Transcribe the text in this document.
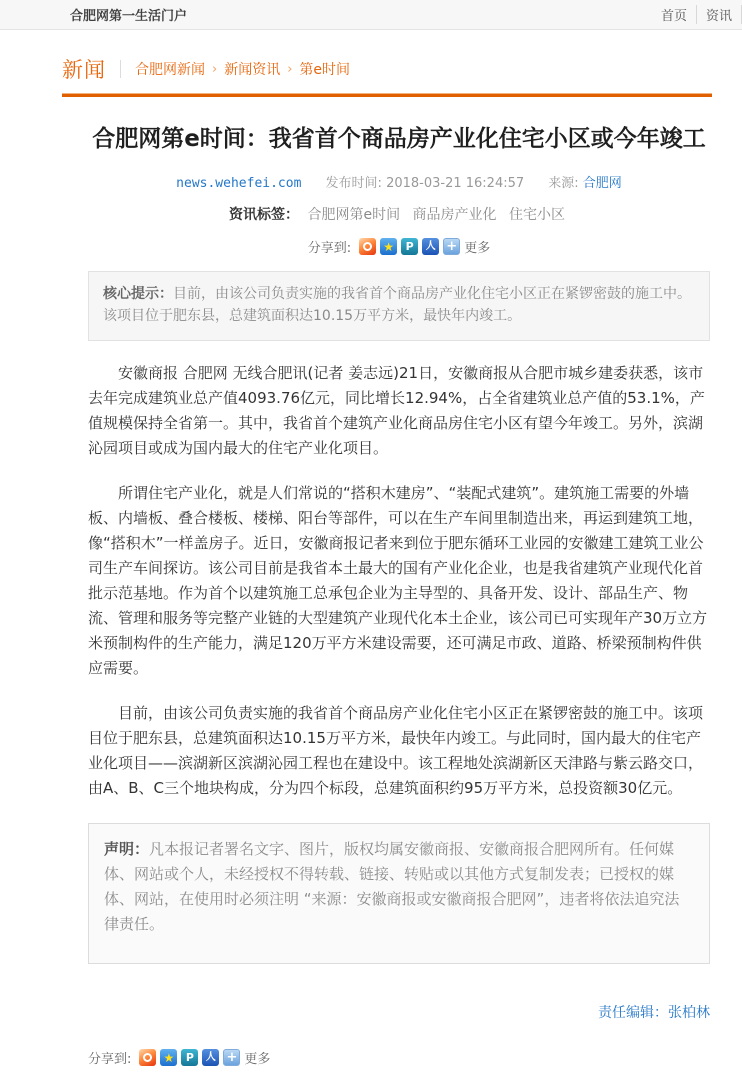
合肥网第一生活门户	首页	资讯
新闻 合肥网新闻 › 新闻资讯 › 第e时间
合肥网第e时间：我省首个商品房产业化住宅小区或今年竣工
news.wehefei.com 发布时间: 2018-03-21 16:24:57 来源: 合肥网
资讯标签： 合肥网第e时间 商品房产业化 住宅小区
分享到:	★	P	人 + 更多
核心提示：目前，由该公司负责实施的我省首个商品房产业化住宅小区正在紧锣密鼓的施工中。该项目位于肥东县，总建筑面积达10.15万平方米，最快年内竣工。

安徽商报 合肥网 无线合肥讯(记者 姜志远)21日，安徽商报从合肥市城乡建委获悉，该市去年完成建筑业总产值4093.76亿元，同比增长12.94%，占全省建筑业总产值的53.1%，产值规模保持全省第一。其中，我省首个建筑产业化商品房住宅小区有望今年竣工。另外，滨湖沁园项目或成为国内最大的住宅产业化项目。

所谓住宅产业化，就是人们常说的“搭积木建房”、“装配式建筑”。建筑施工需要的外墙板、内墙板、叠合楼板、楼梯、阳台等部件，可以在生产车间里制造出来，再运到建筑工地，像“搭积木”一样盖房子。近日，安徽商报记者来到位于肥东循环工业园的安徽建工建筑工业公司生产车间探访。该公司目前是我省本土最大的国有产业化企业，也是我省建筑产业现代化首批示范基地。作为首个以建筑施工总承包企业为主导型的、具备开发、设计、部品生产、物流、管理和服务等完整产业链的大型建筑产业现代化本土企业，该公司已可实现年产30万立方米预制构件的生产能力，满足120万平方米建设需要，还可满足市政、道路、桥梁预制构件供应需要。

目前，由该公司负责实施的我省首个商品房产业化住宅小区正在紧锣密鼓的施工中。该项目位于肥东县，总建筑面积达10.15万平方米，最快年内竣工。与此同时，国内最大的住宅产业化项目——滨湖新区滨湖沁园工程也在建设中。该工程地处滨湖新区天津路与紫云路交口，由A、B、C三个地块构成，分为四个标段，总建筑面积约95万平方米，总投资额30亿元。

声明：凡本报记者署名文字、图片，版权均属安徽商报、安徽商报合肥网所有。任何媒体、网站或个人，未经授权不得转载、链接、转贴或以其他方式复制发表；已授权的媒体、网站，在使用时必须注明 “来源：安徽商报或安徽商报合肥网”，违者将依法追究法律责任。
责任编辑：张柏林
分享到:	★	P	人 + 更多
